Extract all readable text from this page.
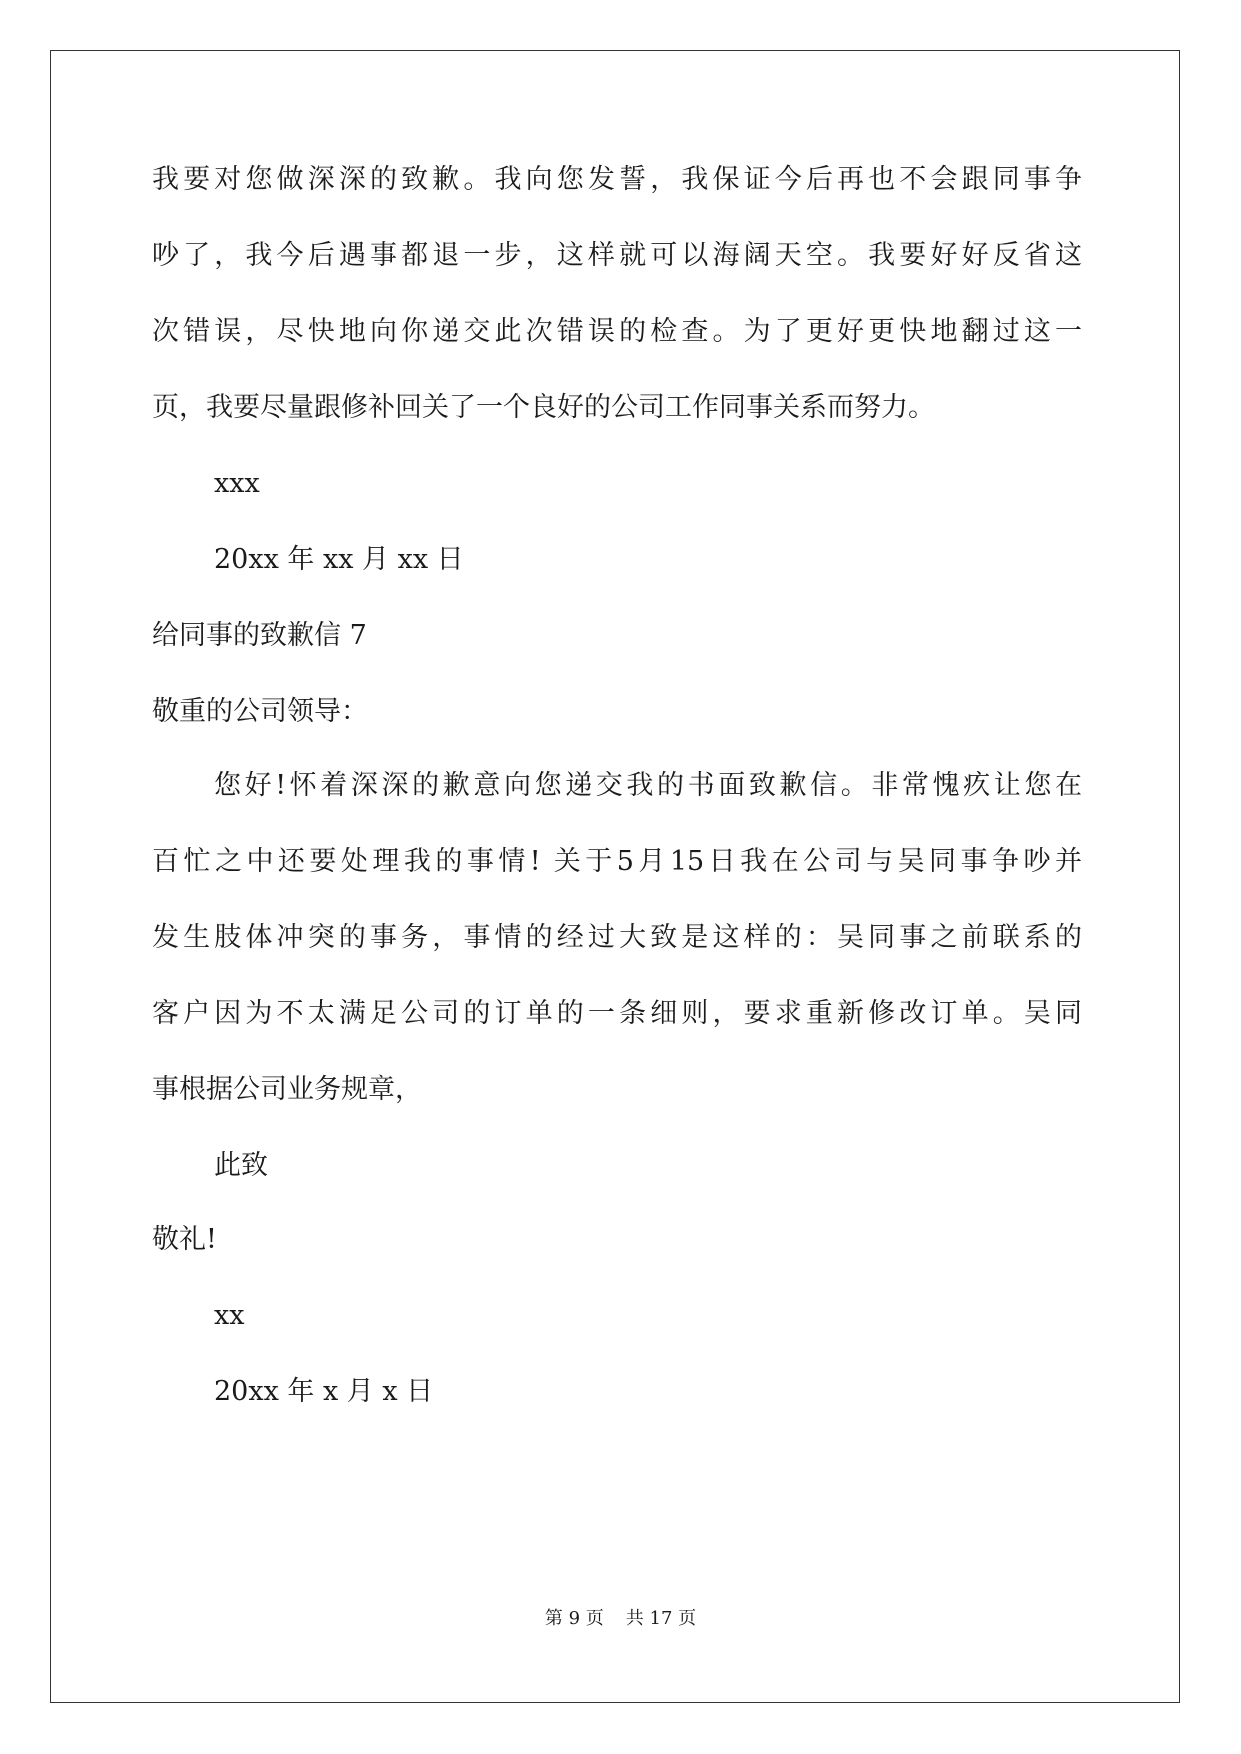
我要对您做深深的致歉。我向您发誓，我保证今后再也不会跟同事争
吵了，我今后遇事都退一步，这样就可以海阔天空。我要好好反省这
次错误，尽快地向你递交此次错误的检查。为了更好更快地翻过这一
页，我要尽量跟修补回关了一个良好的公司工作同事关系而努力。
xxx
20xx 年 xx 月 xx 日
给同事的致歉信 7
敬重的公司领导：
您好!怀着深深的歉意向您递交我的书面致歉信。非常愧疚让您在
百忙之中还要处理我的事情! 关于5月15日我在公司与吴同事争吵并
发生肢体冲突的事务，事情的经过大致是这样的：吴同事之前联系的
客户因为不太满足公司的订单的一条细则，要求重新修改订单。吴同
事根据公司业务规章，
此致
敬礼!
xx
20xx 年 x 月 x 日
第 9 页 共 17 页
